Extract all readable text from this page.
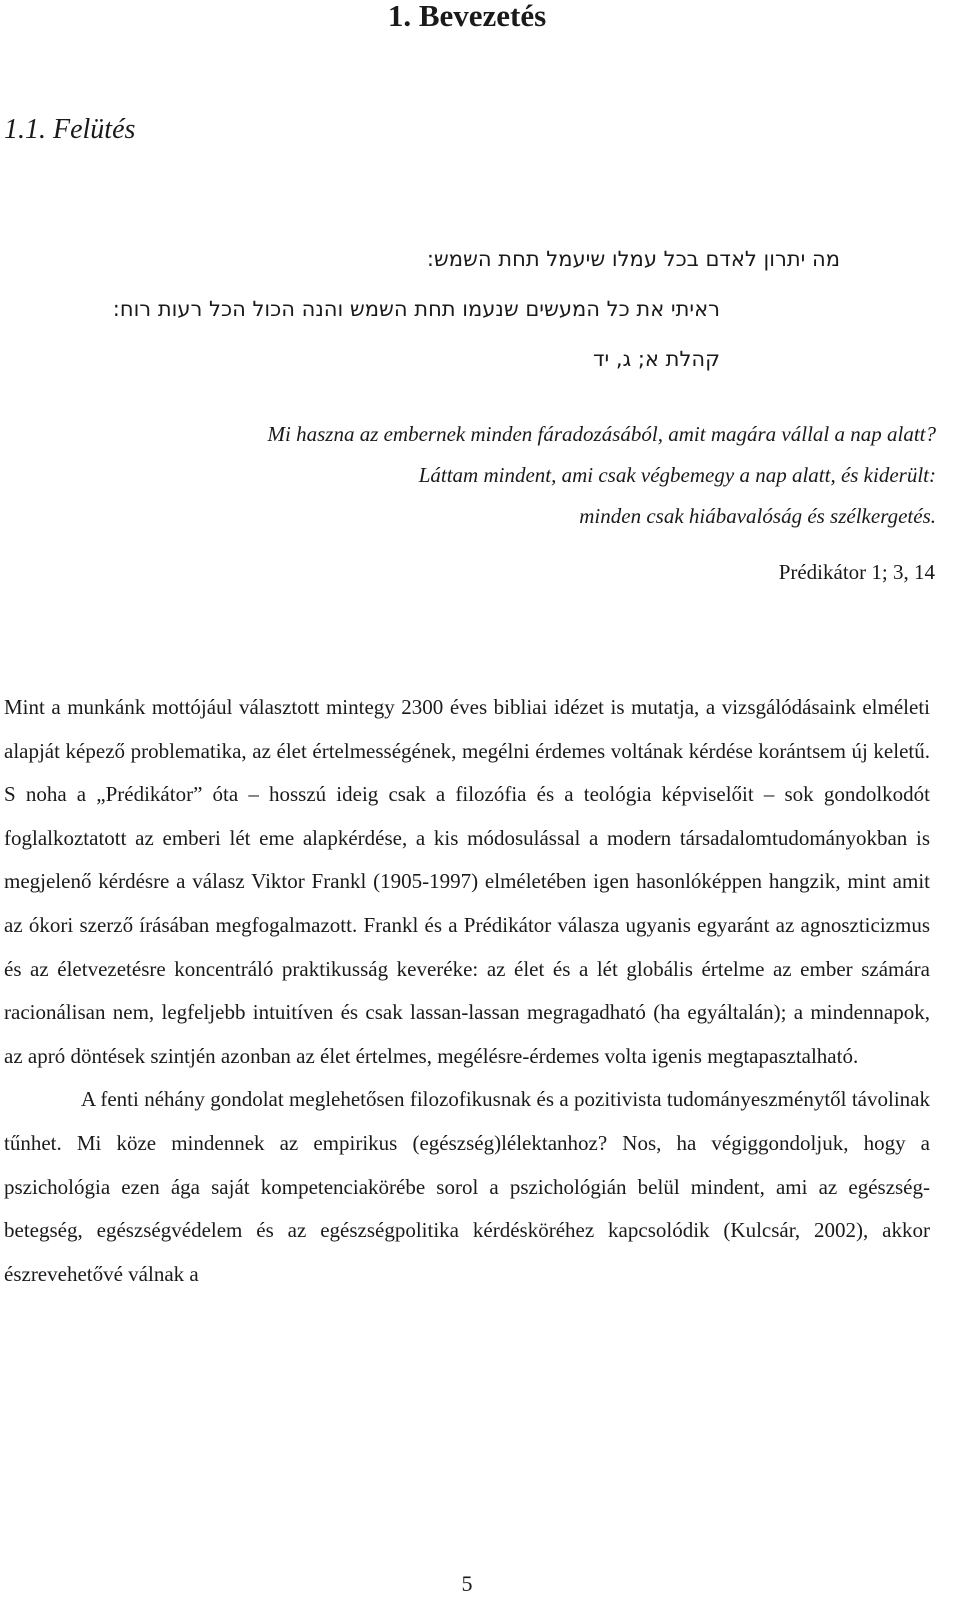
1. Bevezetés
1.1. Felütés
מה יתרון לאדם בכל עמלו שיעמל תחת השמש:
ראיתי את כל המעשים שנעמו תחת השמש והנה הכול הכל רעות רוח:
קהלת א; ג, יד
Mi haszna az embernek minden fáradozásából, amit magára vállal a nap alatt?
Láttam mindent, ami csak végbemegy a nap alatt, és kiderült:
minden csak hiábavalóság és szélkergetés.
Prédikátor 1; 3, 14

Mint a munkánk mottójául választott mintegy 2300 éves bibliai idézet is mutatja, a vizsgálódásaink elméleti alapját képező problematika, az élet értelmességének, megélni érdemes voltának kérdése korántsem új keletű. S noha a „Prédikátor” óta – hosszú ideig csak a filozófia és a teológia képviselőit – sok gondolkodót foglalkoztatott az emberi lét eme alapkérdése, a kis módosulással a modern társadalomtudományokban is megjelenő kérdésre a válasz Viktor Frankl (1905-1997) elméletében igen hasonlóképpen hangzik, mint amit az ókori szerző írásában megfogalmazott. Frankl és a Prédikátor válasza ugyanis egyaránt az agnoszticizmus és az életvezetésre koncentráló praktikusság keveréke: az élet és a lét globális értelme az ember számára racionálisan nem, legfeljebb intuitíven és csak lassan-lassan megragadható (ha egyáltalán); a mindennapok, az apró döntések szintjén azonban az élet értelmes, megélésre-érdemes volta igenis megtapasztalható.

A fenti néhány gondolat meglehetősen filozofikusnak és a pozitivista tudományeszménytől távolinak tűnhet. Mi köze mindennek az empirikus (egészség)lélektanhoz? Nos, ha végiggondoljuk, hogy a pszichológia ezen ága saját kompetenciakörébe sorol a pszichológián belül mindent, ami az egészség-betegség, egészségvédelem és az egészségpolitika kérdésköréhez kapcsolódik (Kulcsár, 2002), akkor észrevehetővé válnak a

5
